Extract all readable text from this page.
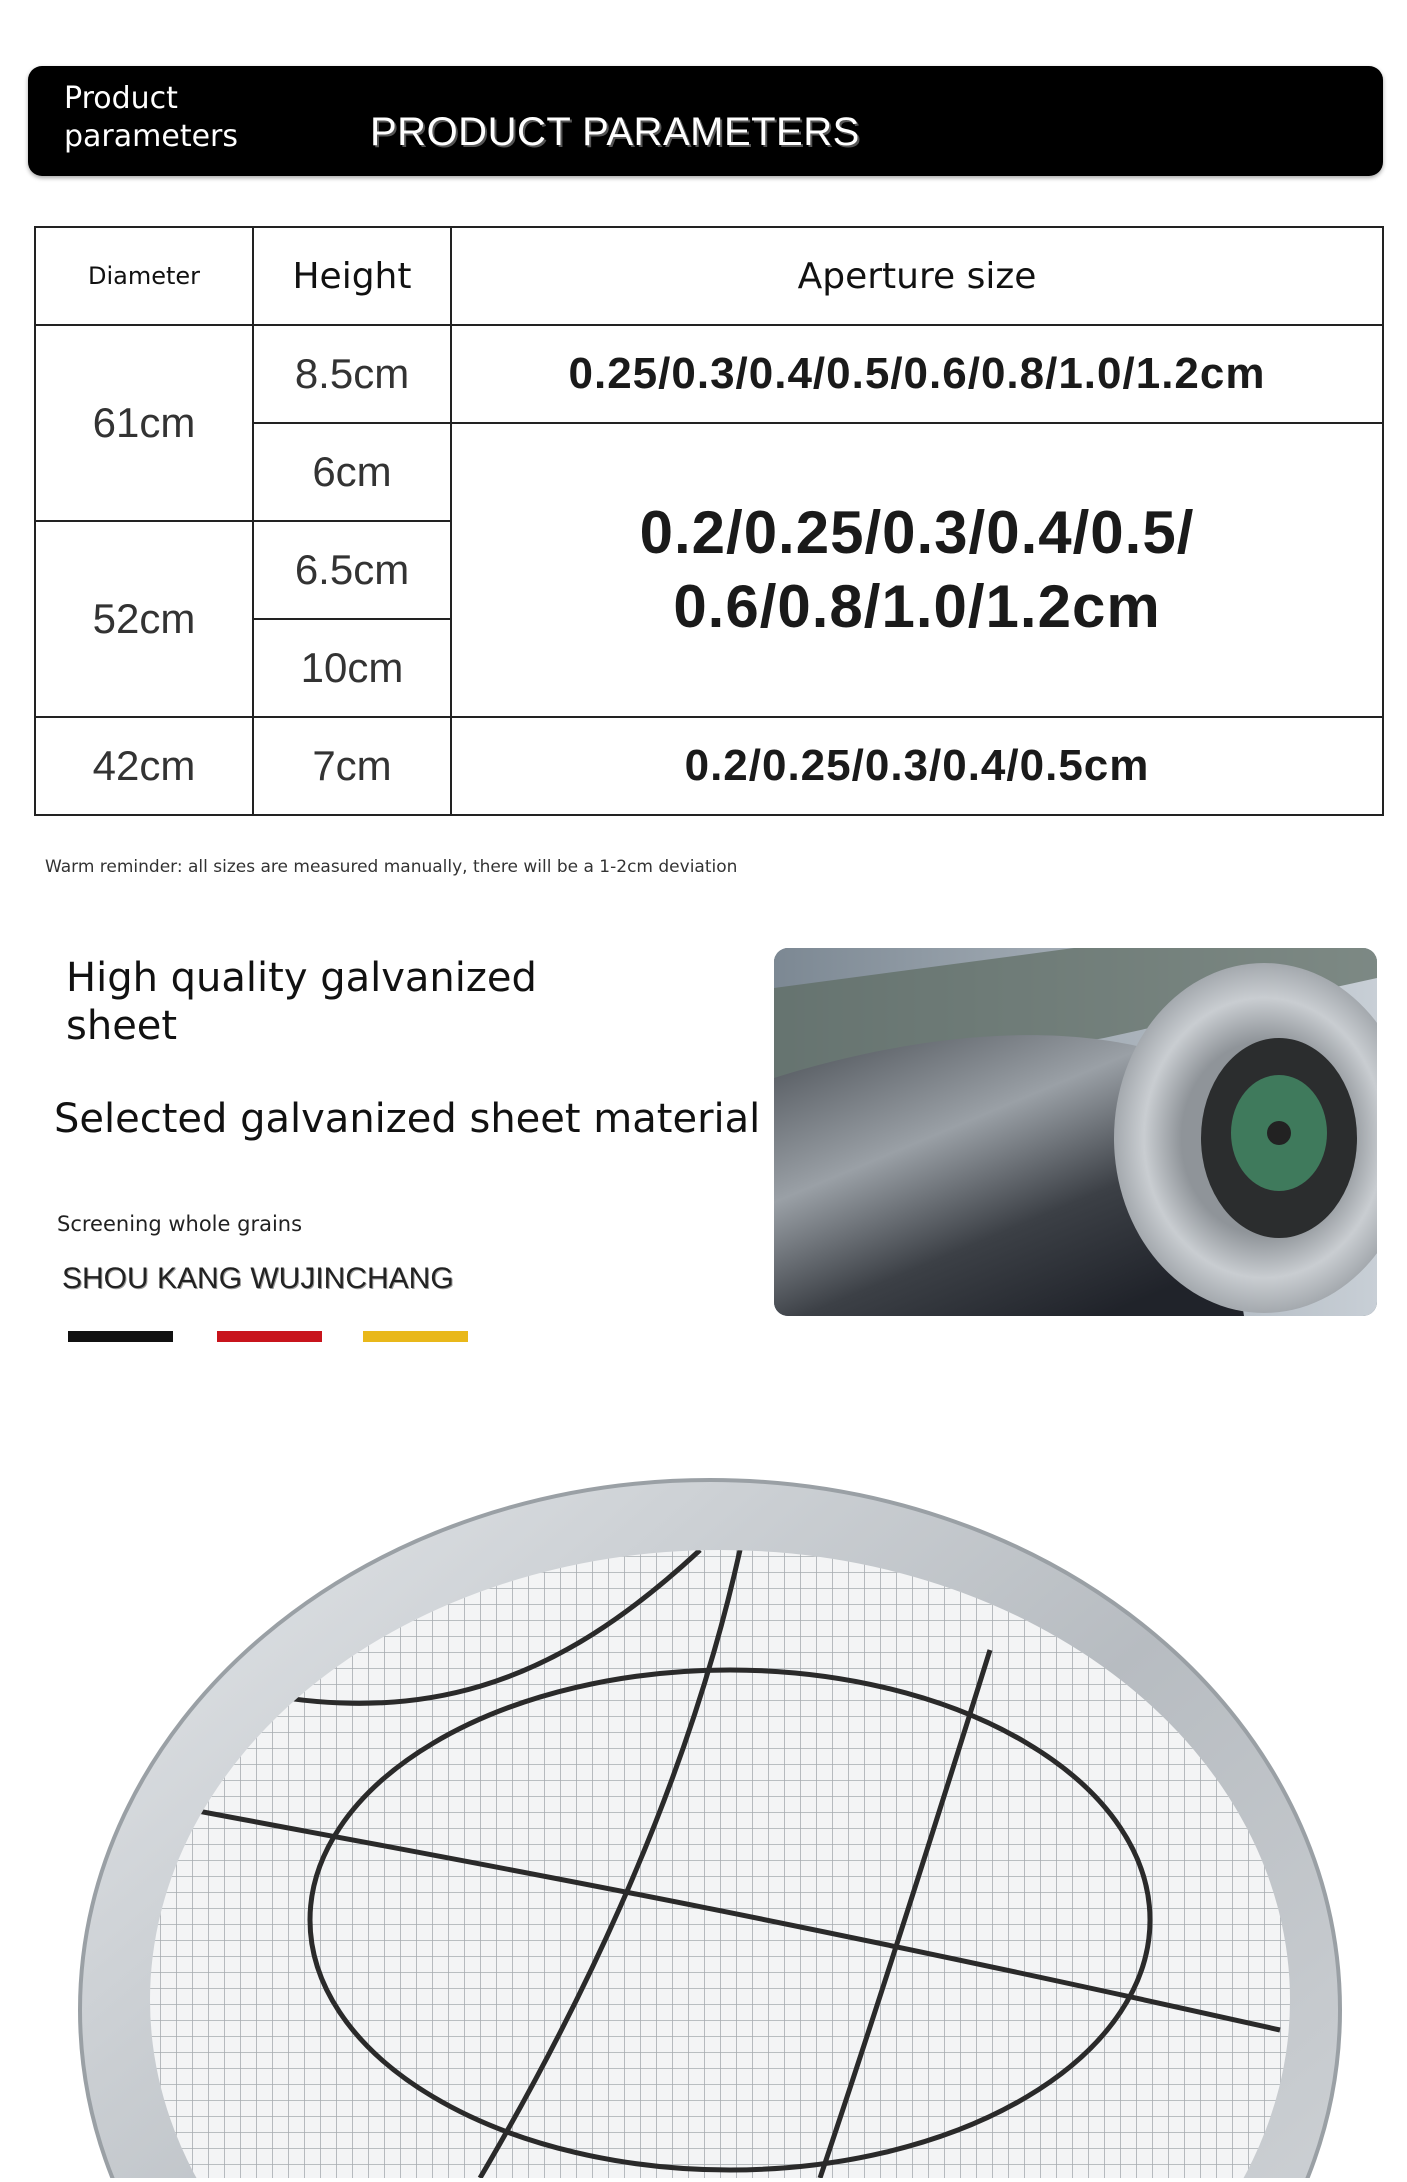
Product
parameters	PRODUCT PARAMETERS
Diameter	Height	Aperture size
61cm	8.5cm	0.25/0.3/0.4/0.5/0.6/0.8/1.0/1.2cm
	6cm	0.2/0.25/0.3/0.4/0.5/
0.6/0.8/1.0/1.2cm

52cm	6.5cm	
	10cm	
42cm	7cm	0.2/0.25/0.3/0.4/0.5cm
Warm reminder: all sizes are measured manually, there will be a 1-2cm deviation
High quality galvanized sheet
Selected galvanized sheet material
Screening whole grains
SHOU KANG WUJINCHANG
